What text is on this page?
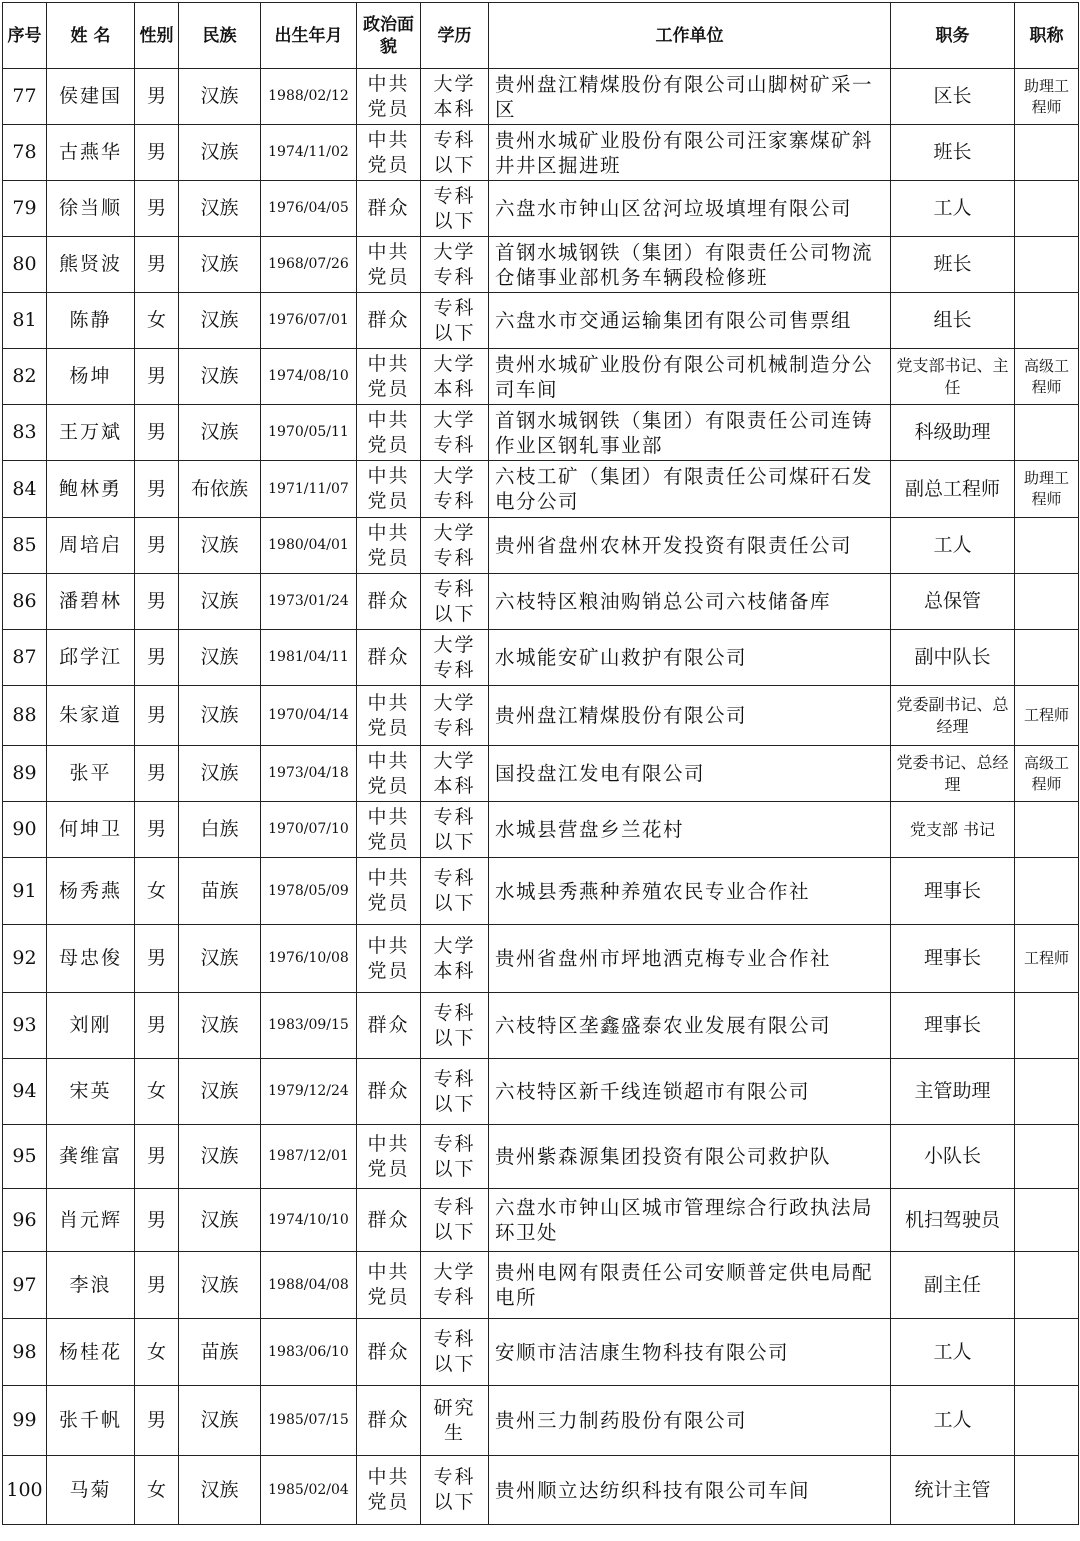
序号	姓 名	性别	民族	出生年月	政治面貌	学历	工作单位	职务	职称
77	侯建国	男	汉族	1988/02/12	中共党员	大学本科	贵州盘江精煤股份有限公司山脚树矿采一区	区长	助理工程师
78	古燕华	男	汉族	1974/11/02	中共党员	专科以下	贵州水城矿业股份有限公司汪家寨煤矿斜井井区掘进班	班长	
79	徐当顺	男	汉族	1976/04/05	群众	专科以下	六盘水市钟山区岔河垃圾填埋有限公司	工人	
80	熊贤波	男	汉族	1968/07/26	中共党员	大学专科	首钢水城钢铁（集团）有限责任公司物流仓储事业部机务车辆段检修班	班长	
81	陈静	女	汉族	1976/07/01	群众	专科以下	六盘水市交通运输集团有限公司售票组	组长	
82	杨坤	男	汉族	1974/08/10	中共党员	大学本科	贵州水城矿业股份有限公司机械制造分公司车间	党支部书记、主任	高级工程师
83	王万斌	男	汉族	1970/05/11	中共党员	大学专科	首钢水城钢铁（集团）有限责任公司连铸作业区钢轧事业部	科级助理	
84	鲍林勇	男	布依族	1971/11/07	中共党员	大学专科	六枝工矿（集团）有限责任公司煤矸石发电分公司	副总工程师	助理工程师
85	周培启	男	汉族	1980/04/01	中共党员	大学专科	贵州省盘州农林开发投资有限责任公司	工人	
86	潘碧林	男	汉族	1973/01/24	群众	专科以下	六枝特区粮油购销总公司六枝储备库	总保管	
87	邱学江	男	汉族	1981/04/11	群众	大学专科	水城能安矿山救护有限公司	副中队长	
88	朱家道	男	汉族	1970/04/14	中共党员	大学专科	贵州盘江精煤股份有限公司	党委副书记、总经理	工程师
89	张平	男	汉族	1973/04/18	中共党员	大学本科	国投盘江发电有限公司	党委书记、总经理	高级工程师
90	何坤卫	男	白族	1970/07/10	中共党员	专科以下	水城县营盘乡兰花村	党支部 书记	
91	杨秀燕	女	苗族	1978/05/09	中共党员	专科以下	水城县秀燕种养殖农民专业合作社	理事长	
92	母忠俊	男	汉族	1976/10/08	中共党员	大学本科	贵州省盘州市坪地洒克梅专业合作社	理事长	工程师
93	刘刚	男	汉族	1983/09/15	群众	专科以下	六枝特区垄鑫盛泰农业发展有限公司	理事长	
94	宋英	女	汉族	1979/12/24	群众	专科以下	六枝特区新千线连锁超市有限公司	主管助理	
95	龚维富	男	汉族	1987/12/01	中共党员	专科以下	贵州紫森源集团投资有限公司救护队	小队长	
96	肖元辉	男	汉族	1974/10/10	群众	专科以下	六盘水市钟山区城市管理综合行政执法局环卫处	机扫驾驶员	
97	李浪	男	汉族	1988/04/08	中共党员	大学专科	贵州电网有限责任公司安顺普定供电局配电所	副主任	
98	杨桂花	女	苗族	1983/06/10	群众	专科以下	安顺市洁洁康生物科技有限公司	工人	
99	张千帆	男	汉族	1985/07/15	群众	研究生	贵州三力制药股份有限公司	工人	
100	马菊	女	汉族	1985/02/04	中共党员	专科以下	贵州顺立达纺织科技有限公司车间	统计主管	
